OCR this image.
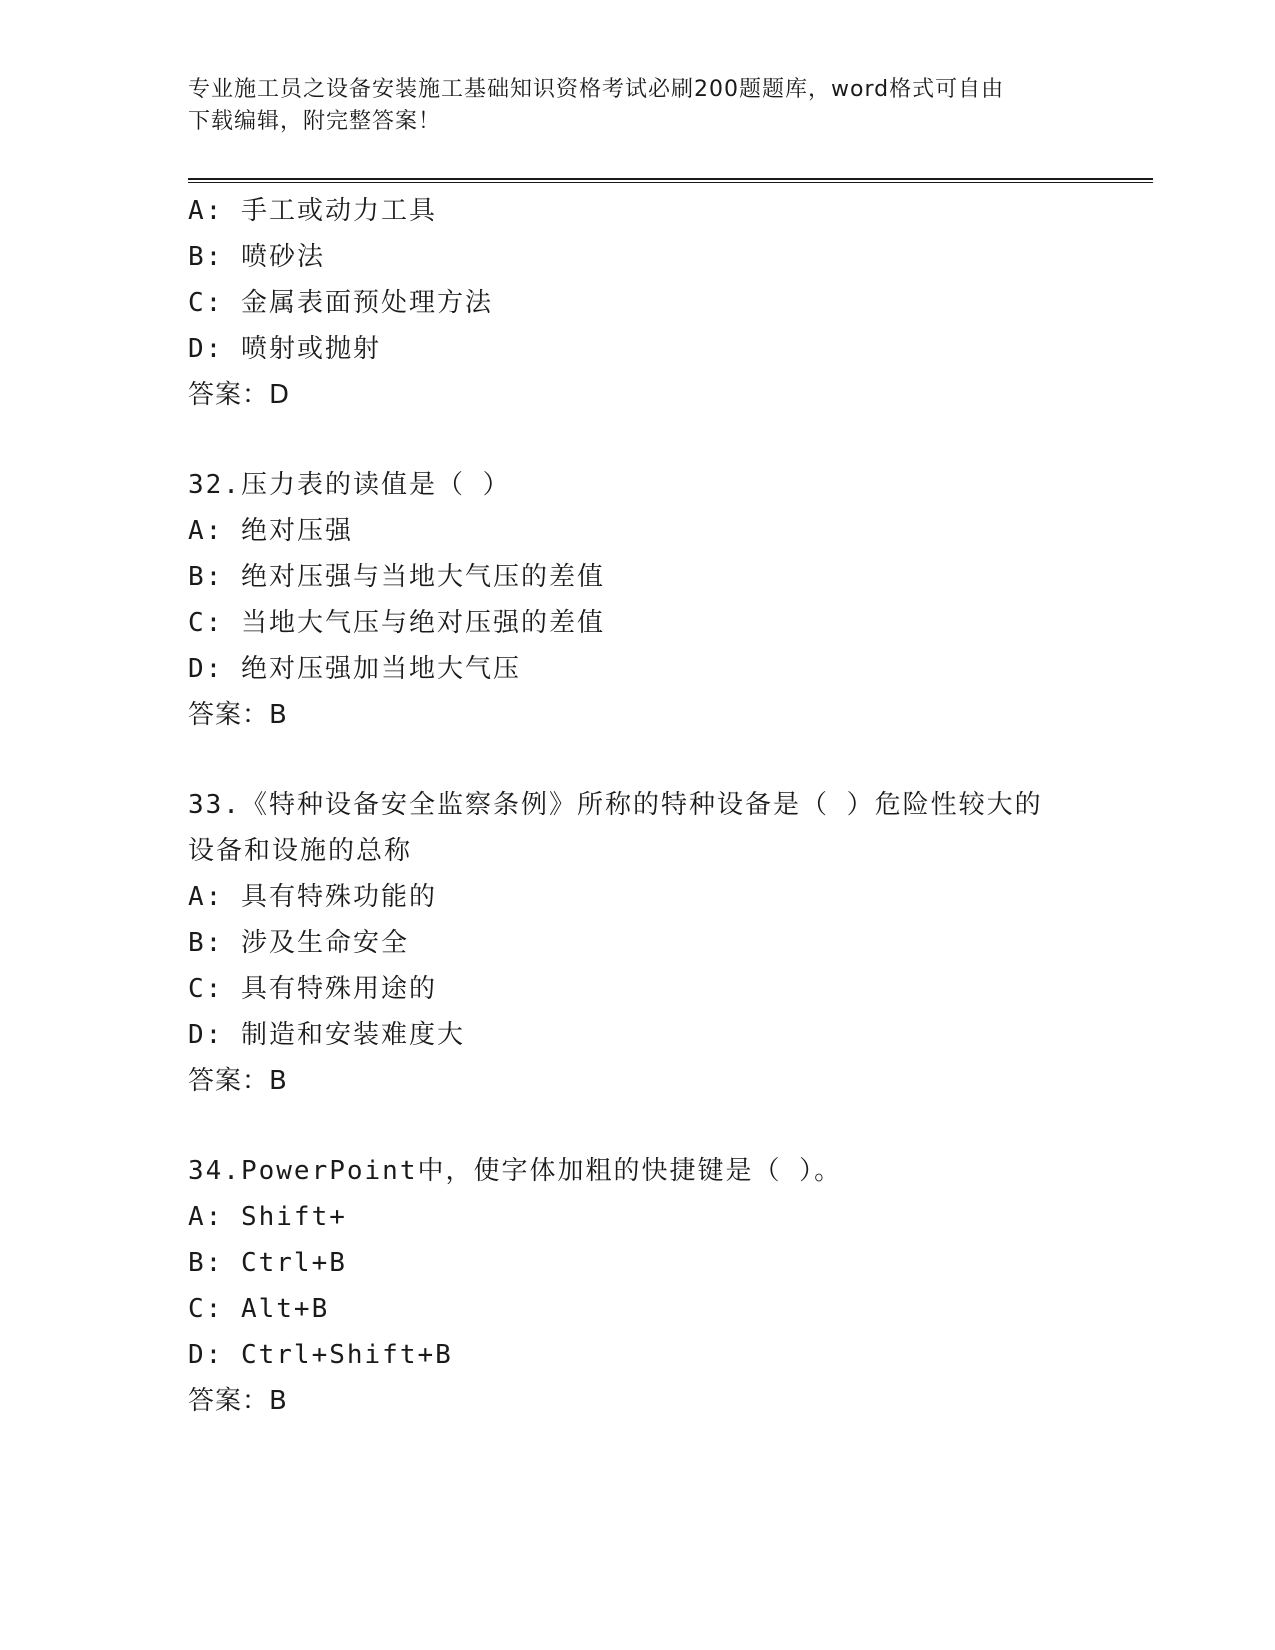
专业施工员之设备安装施工基础知识资格考试必刷200题题库，word格式可自由
下载编辑，附完整答案！
A: 手工或动力工具
B: 喷砂法
C: 金属表面预处理方法
D: 喷射或抛射
答案：D
32.压力表的读值是（ ）
A: 绝对压强
B: 绝对压强与当地大气压的差值
C: 当地大气压与绝对压强的差值
D: 绝对压强加当地大气压
答案：B
33.《特种设备安全监察条例》所称的特种设备是（ ）危险性较大的
设备和设施的总称
A: 具有特殊功能的
B: 涉及生命安全
C: 具有特殊用途的
D: 制造和安装难度大
答案：B
34.PowerPoint中，使字体加粗的快捷键是（ ）。
A: Shift+
B: Ctrl+B
C: Alt+B
D: Ctrl+Shift+B
答案：B
